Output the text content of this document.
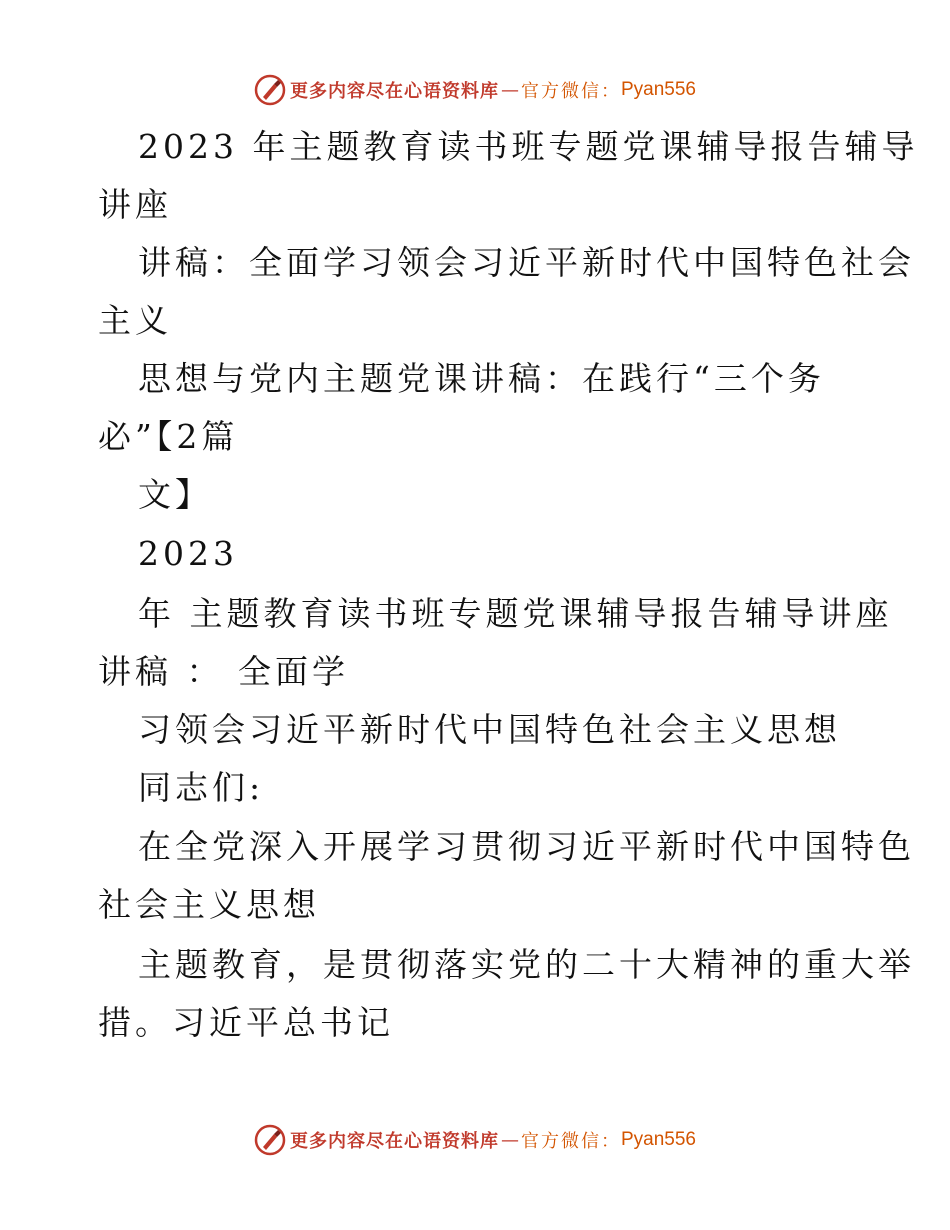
更多内容尽在心语资料库 — 官方微信： Pyan556
2023 年主题教育读书班专题党课辅导报告辅导
讲座
讲稿：全面学习领会习近平新时代中国特色社会
主义
思想与党内主题党课讲稿：在践行“三个务
必”【2篇
文】
2023
年 主题教育读书班专题党课辅导报告辅导讲座
讲稿 ： 全面学
习领会习近平新时代中国特色社会主义思想
同志们:
在全党深入开展学习贯彻习近平新时代中国特色
社会主义思想
主题教育，是贯彻落实党的二十大精神的重大举
措。习近平总书记
更多内容尽在心语资料库 — 官方微信： Pyan556
